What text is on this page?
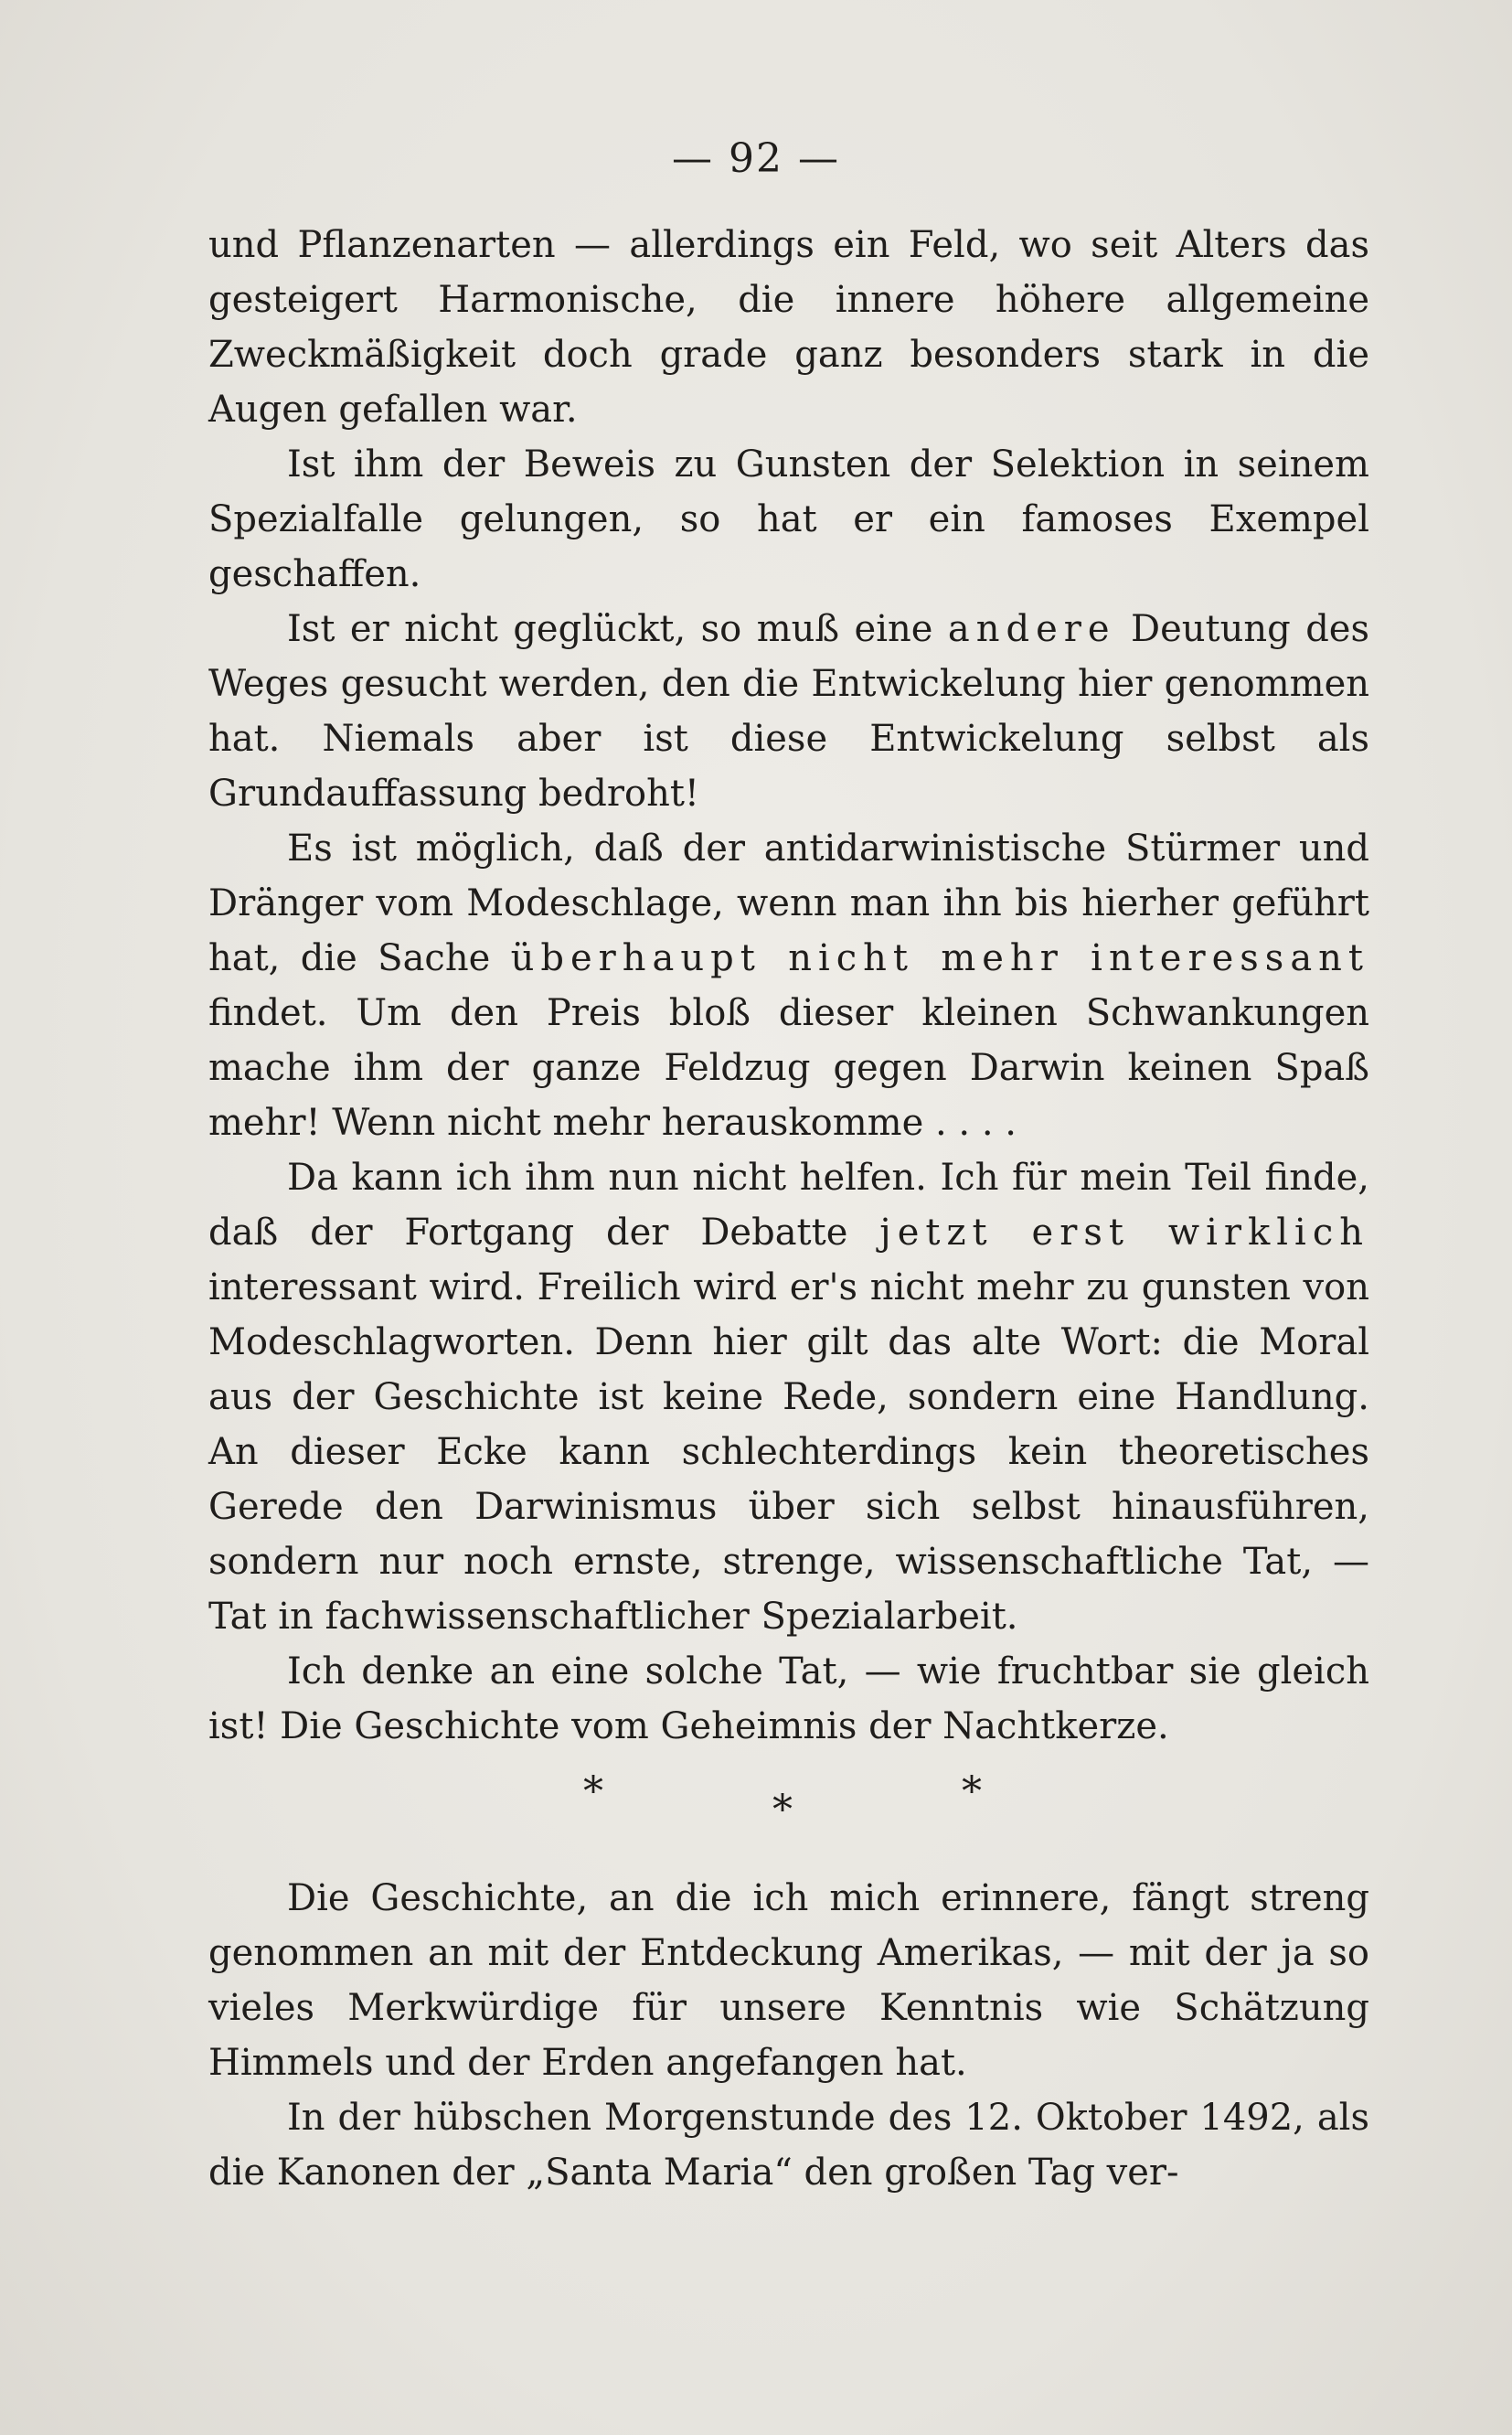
— 92 —

und Pflanzenarten — allerdings ein Feld, wo seit Alters das gesteigert Harmonische, die innere höhere allgemeine Zweckmäßigkeit doch grade ganz besonders stark in die Augen gefallen war.

Ist ihm der Beweis zu Gunsten der Selektion in seinem Spezialfalle gelungen, so hat er ein famoses Exempel geschaffen.

Ist er nicht geglückt, so muß eine andere Deutung des Weges gesucht werden, den die Entwickelung hier genommen hat. Niemals aber ist diese Entwickelung selbst als Grundauffassung bedroht!

Es ist möglich, daß der antidarwinistische Stürmer und Dränger vom Modeschlage, wenn man ihn bis hierher geführt hat, die Sache überhaupt nicht mehr interessant findet. Um den Preis bloß dieser kleinen Schwankungen mache ihm der ganze Feldzug gegen Darwin keinen Spaß mehr! Wenn nicht mehr herauskomme . . . .

Da kann ich ihm nun nicht helfen. Ich für mein Teil finde, daß der Fortgang der Debatte jetzt erst wirklich interessant wird. Freilich wird er's nicht mehr zu gunsten von Modeschlagworten. Denn hier gilt das alte Wort: die Moral aus der Geschichte ist keine Rede, sondern eine Handlung. An dieser Ecke kann schlechterdings kein theoretisches Gerede den Darwinismus über sich selbst hinausführen, sondern nur noch ernste, strenge, wissenschaftliche Tat, — Tat in fachwissenschaftlicher Spezialarbeit.

Ich denke an eine solche Tat, — wie fruchtbar sie gleich ist! Die Geschichte vom Geheimnis der Nachtkerze.

*	*	*

Die Geschichte, an die ich mich erinnere, fängt streng genommen an mit der Entdeckung Amerikas, — mit der ja so vieles Merkwürdige für unsere Kenntnis wie Schätzung Himmels und der Erden angefangen hat.

In der hübschen Morgenstunde des 12. Oktober 1492, als die Kanonen der „Santa Maria“ den großen Tag ver-
